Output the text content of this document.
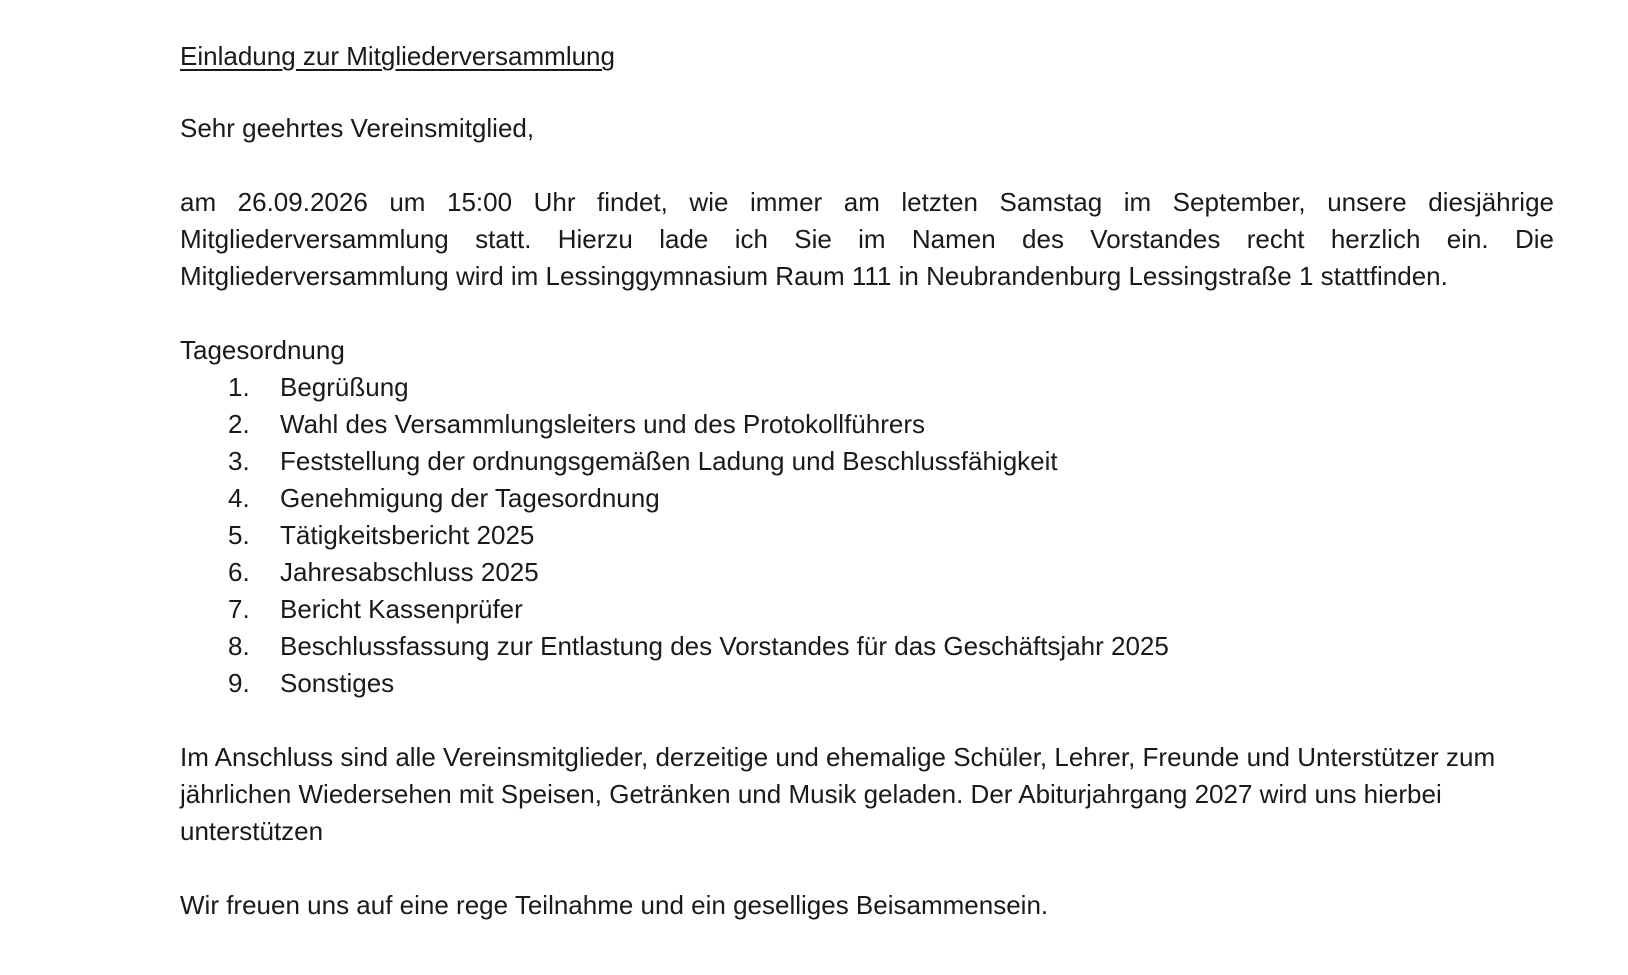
Einladung zur Mitgliederversammlung

Sehr geehrtes Vereinsmitglied,

am 26.09.2026 um 15:00 Uhr findet, wie immer am letzten Samstag im September, unsere diesjährige Mitgliederversammlung statt. Hierzu lade ich Sie im Namen des Vorstandes recht herzlich ein. Die Mitgliederversammlung wird im Lessinggymnasium Raum 111 in Neubrandenburg Lessingstraße 1 stattfinden.

Tagesordnung

1.	Begrüßung
2.	Wahl des Versammlungsleiters und des Protokollführers
3.	Feststellung der ordnungsgemäßen Ladung und Beschlussfähigkeit
4.	Genehmigung der Tagesordnung
5.	Tätigkeitsbericht 2025
6.	Jahresabschluss 2025
7.	Bericht Kassenprüfer
8.	Beschlussfassung zur Entlastung des Vorstandes für das Geschäftsjahr 2025
9.	Sonstiges

Im Anschluss sind alle Vereinsmitglieder, derzeitige und ehemalige Schüler, Lehrer, Freunde und Unterstützer zum jährlichen Wiedersehen mit Speisen, Getränken und Musik geladen. Der Abiturjahrgang 2027 wird uns hierbei unterstützen

Wir freuen uns auf eine rege Teilnahme und ein geselliges Beisammensein.
